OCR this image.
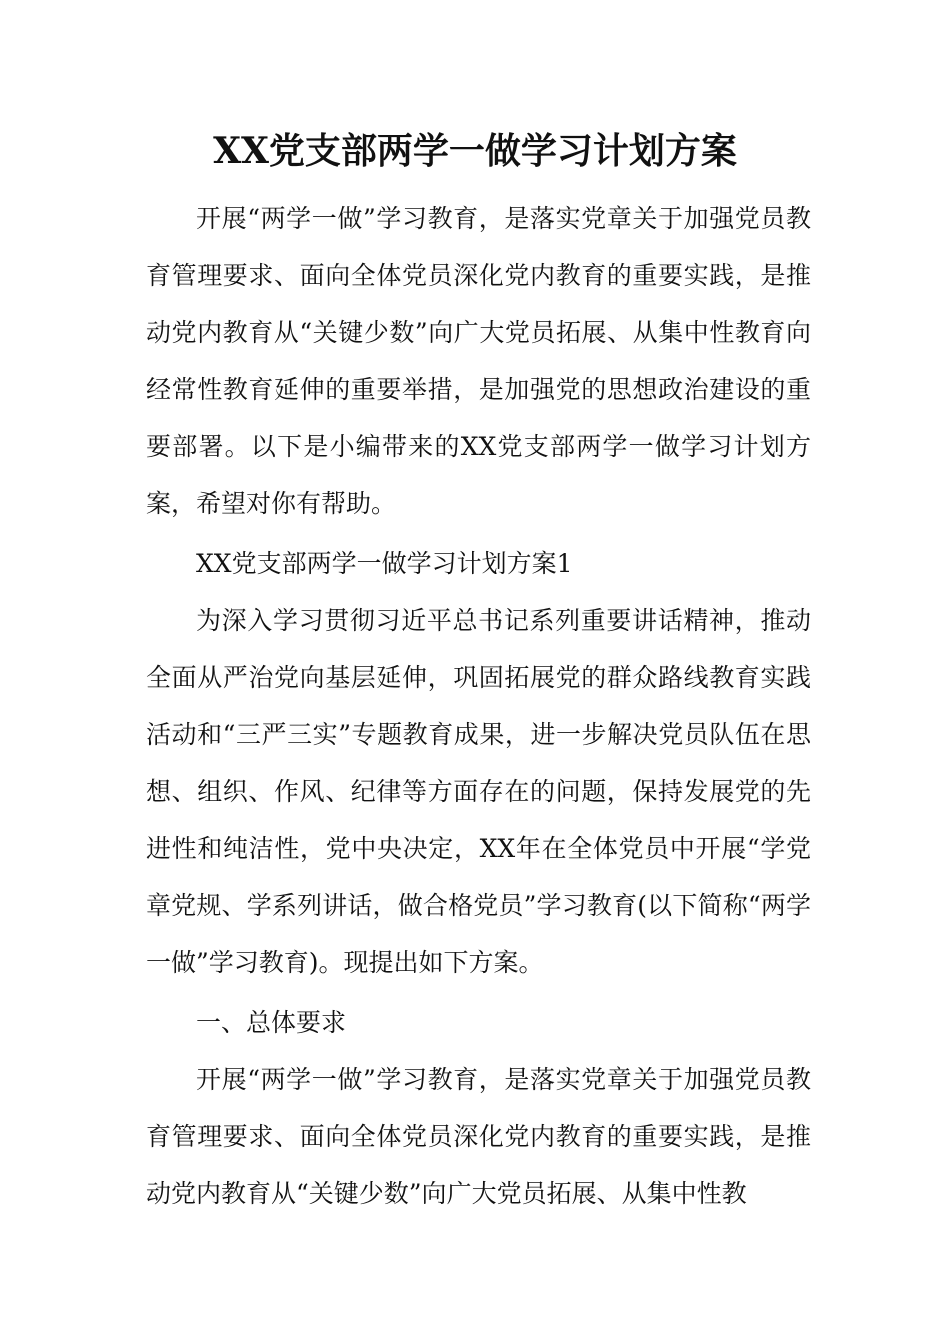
XX党支部两学一做学习计划方案

开展“两学一做”学习教育，是落实党章关于加强党员教育管理要求、面向全体党员深化党内教育的重要实践，是推动党内教育从“关键少数”向广大党员拓展、从集中性教育向经常性教育延伸的重要举措，是加强党的思想政治建设的重要部署。以下是小编带来的XX党支部两学一做学习计划方案，希望对你有帮助。

XX党支部两学一做学习计划方案1

为深入学习贯彻习近平总书记系列重要讲话精神，推动全面从严治党向基层延伸，巩固拓展党的群众路线教育实践活动和“三严三实”专题教育成果，进一步解决党员队伍在思想、组织、作风、纪律等方面存在的问题，保持发展党的先进性和纯洁性，党中央决定，XX年在全体党员中开展“学党章党规、学系列讲话，做合格党员”学习教育(以下简称“两学一做”学习教育)。现提出如下方案。

一、总体要求

开展“两学一做”学习教育，是落实党章关于加强党员教育管理要求、面向全体党员深化党内教育的重要实践，是推动党内教育从“关键少数”向广大党员拓展、从集中性教
